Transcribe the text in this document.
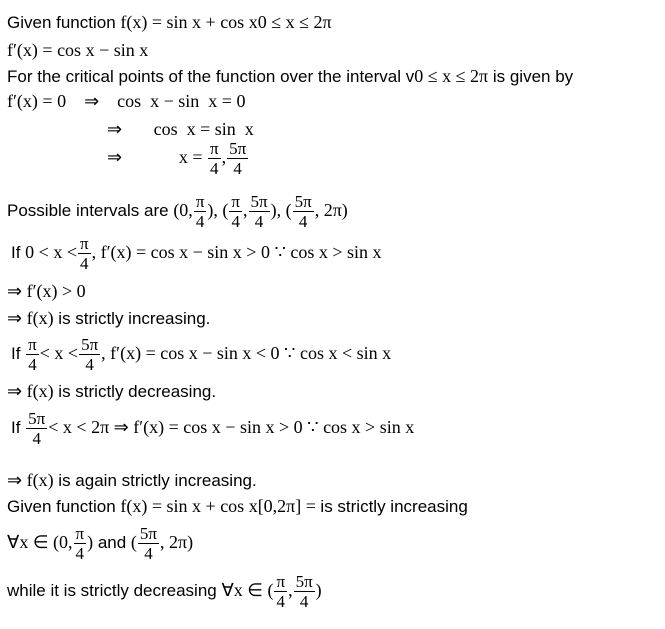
Given function f(x) = sin x + cos x0 ≤ x ≤ 2π
f′(x) = cos x − sin x
For the critical points of the function over the interval v0 ≤ x ≤ 2π is given by
f′(x) = 0    ⇒    cos  x − sin  x = 0
⇒       cos  x = sin  x
⇒	$x = \frac{\pi}{4}$ , $\frac{5\pi}{4}$
Possible intervals are (0, $\frac{\pi}{4}$ ), ( $\frac{\pi}{4}$ , $\frac{5\pi}{4}$ ), ( $\frac{5\pi}{4}$ , 2π)
If $0 < x < \frac{\pi}{4}$ , f′(x) = cos x − sin x > 0 ∵ cos x > sin x
⇒ f′(x) > 0
⇒ f(x) is strictly increasing.
If $\frac{\pi}{4} < x < \frac{5\pi}{4}$ , f′(x) = cos x − sin x < 0 ∵ cos x < sin x
⇒ f(x) is strictly decreasing.
If $\frac{5\pi}{4} < x < 2\pi$ ⇒ f′(x) = cos x − sin x > 0 ∵ cos x > sin x
⇒ f(x) is again strictly increasing.
Given function f(x) = sin x + cos x[0,2π] = is strictly increasing
∀x ∈ (0, $\frac{\pi}{4}$ ) and ( $\frac{5\pi}{4}$ , 2π)
while it is strictly decreasing ∀x ∈ ( $\frac{\pi}{4}$ , $\frac{5\pi}{4}$ )
